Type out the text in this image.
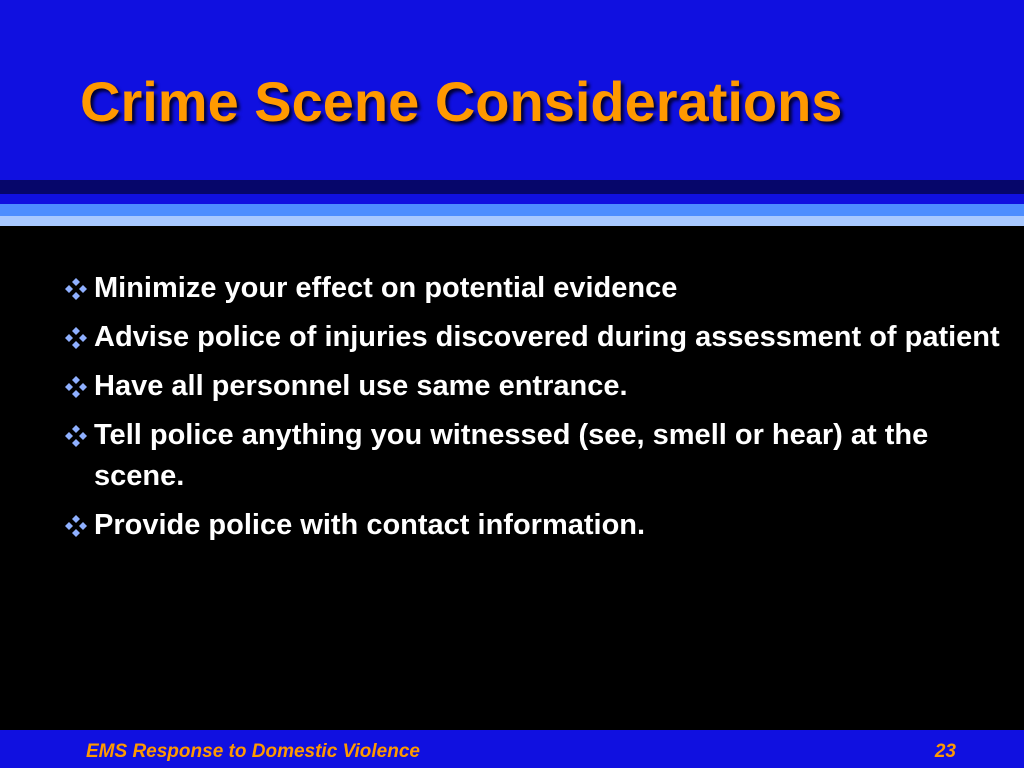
Crime Scene Considerations
Minimize your effect on potential evidence
Advise police of injuries discovered during assessment of patient
Have all personnel use same entrance.
Tell police anything you witnessed (see, smell or hear) at the scene.
Provide police with contact information.
EMS Response to Domestic Violence	23
